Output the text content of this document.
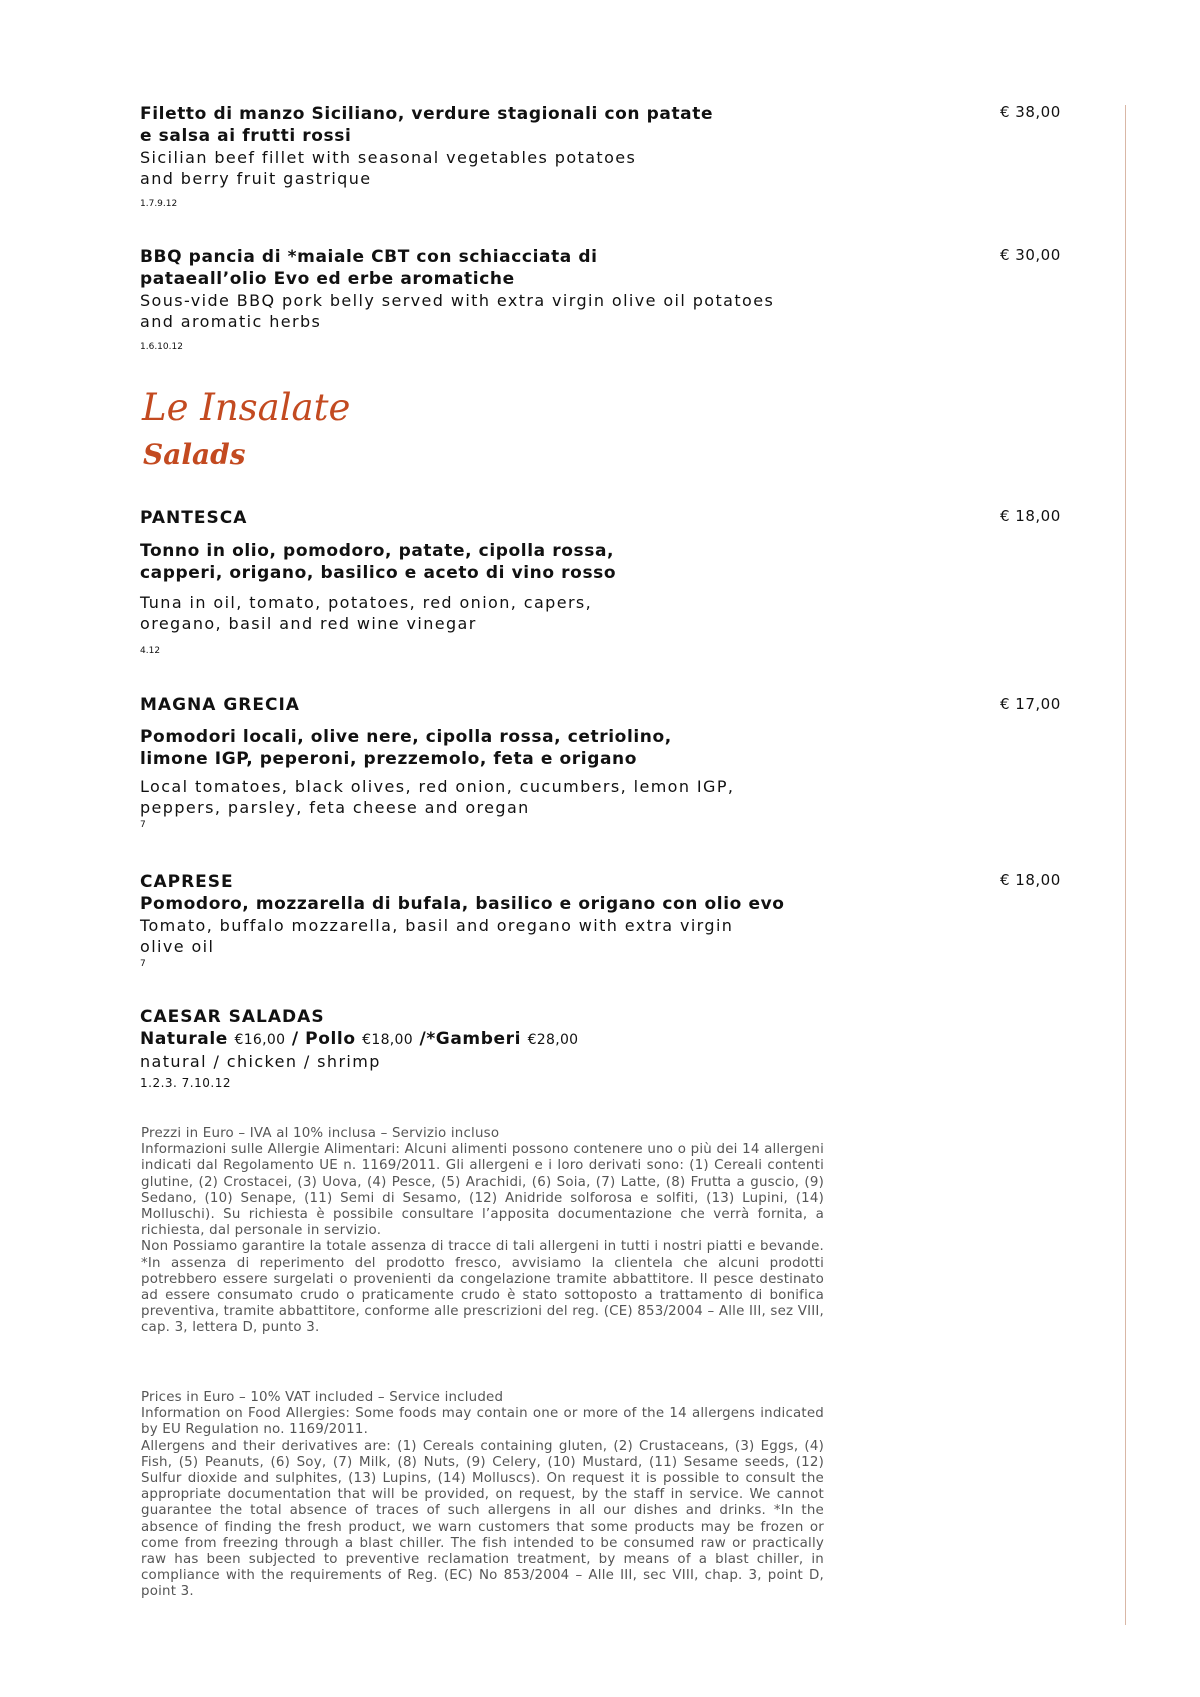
Filetto di manzo Siciliano, verdure stagionali con patate
e salsa ai frutti rossi

Sicilian beef fillet with seasonal vegetables potatoes
and berry fruit gastrique

1.7.9.12
€ 38,00

BBQ pancia di *maiale CBT con schiacciata di
pataeall’olio Evo ed erbe aromatiche

Sous-vide BBQ pork belly served with extra virgin olive oil potatoes
and aromatic herbs

1.6.10.12
€ 30,00
Le Insalate
Salads

PANTESCA

Tonno in olio, pomodoro, patate, cipolla rossa,
capperi, origano, basilico e aceto di vino rosso

Tuna in oil, tomato, potatoes, red onion, capers,
oregano, basil and red wine vinegar

4.12
€ 18,00

MAGNA GRECIA

Pomodori locali, olive nere, cipolla rossa, cetriolino,
limone IGP, peperoni, prezzemolo, feta e origano

Local tomatoes, black olives, red onion, cucumbers, lemon IGP,
peppers, parsley, feta cheese and oregan

7
€ 17,00

CAPRESE

Pomodoro, mozzarella di bufala, basilico e origano con olio evo

Tomato, buffalo mozzarella, basil and oregano with extra virgin
olive oil

7
€ 18,00

CAESAR SALADAS

Naturale €16,00 / Pollo €18,00 /*Gamberi €28,00

natural / chicken / shrimp

1.2.3. 7.10.12

Prezzi in Euro – IVA al 10% inclusa – Servizio incluso

Informazioni sulle Allergie Alimentari: Alcuni alimenti possono contenere uno o più dei 14 allergeni indicati dal Regolamento UE n. 1169/2011. Gli allergeni e i loro derivati sono: (1) Cereali contenti glutine, (2) Crostacei, (3) Uova, (4) Pesce, (5) Arachidi, (6) Soia, (7) Latte, (8) Frutta a guscio, (9) Sedano, (10) Senape, (11) Semi di Sesamo, (12) Anidride solforosa e solfiti, (13) Lupini, (14) Molluschi). Su richiesta è possibile consultare l’apposita documentazione che verrà fornita, a richiesta, dal personale in servizio.

Non Possiamo garantire la totale assenza di tracce di tali allergeni in tutti i nostri piatti e bevande. *In assenza di reperimento del prodotto fresco, avvisiamo la clientela che alcuni prodotti potrebbero essere surgelati o provenienti da congelazione tramite abbattitore. Il pesce destinato ad essere consumato crudo o praticamente crudo è stato sottoposto a trattamento di bonifica preventiva, tramite abbattitore, conforme alle prescrizioni del reg. (CE) 853/2004 – Alle III, sez VIII, cap. 3, lettera D, punto 3.

Prices in Euro – 10% VAT included – Service included

Information on Food Allergies: Some foods may contain one or more of the 14 allergens indicated by EU Regulation no. 1169/2011.

Allergens and their derivatives are: (1) Cereals containing gluten, (2) Crustaceans, (3) Eggs, (4) Fish, (5) Peanuts, (6) Soy, (7) Milk, (8) Nuts, (9) Celery, (10) Mustard, (11) Sesame seeds, (12) Sulfur dioxide and sulphites, (13) Lupins, (14) Molluscs). On request it is possible to consult the appropriate documentation that will be provided, on request, by the staff in service. We cannot guarantee the total absence of traces of such allergens in all our dishes and drinks. *In the absence of finding the fresh product, we warn customers that some products may be frozen or come from freezing through a blast chiller. The fish intended to be consumed raw or practically raw has been subjected to preventive reclamation treatment, by means of a blast chiller, in compliance with the requirements of Reg. (EC) No 853/2004 – Alle III, sec VIII, chap. 3, point D, point 3.
